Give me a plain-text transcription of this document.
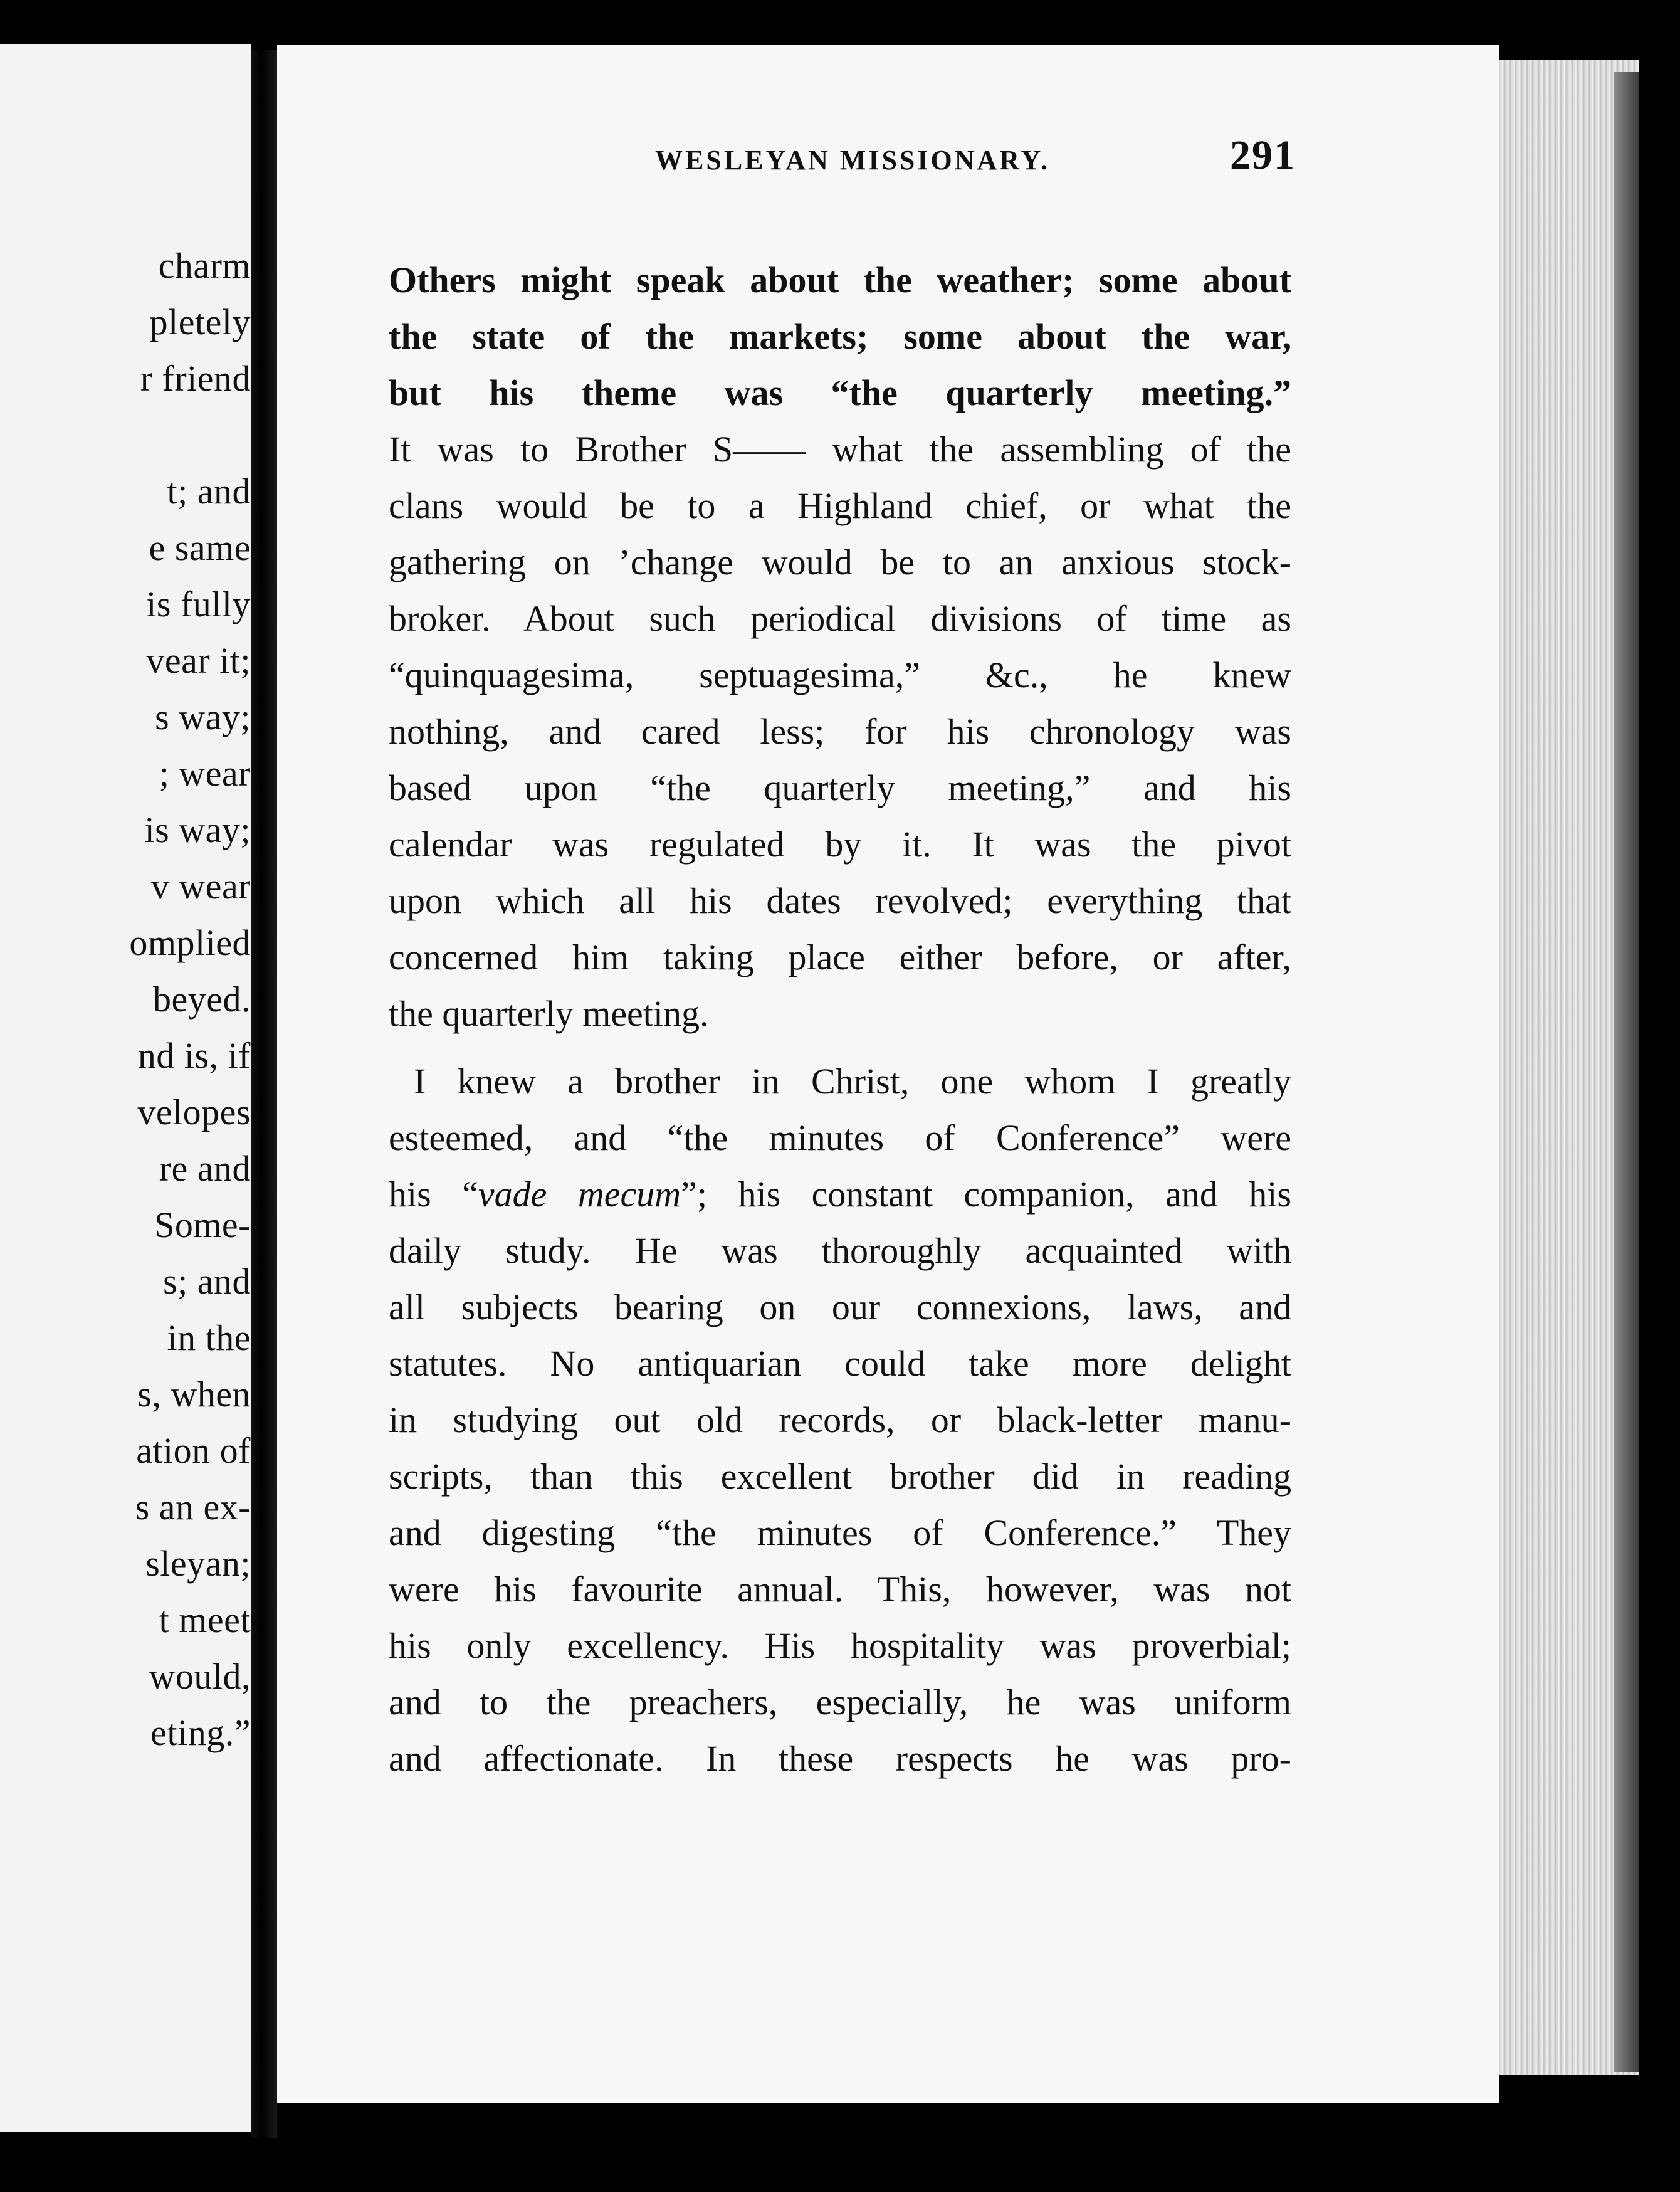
charm
pletely
r friend
t; and
e same
is fully
vear it;
s way;
; wear
is way;
v wear
omplied
beyed.
nd is, if
velopes
re and
Some-
s; and
in the
s, when
ation of
s an ex-
sleyan;
t meet
would,
eting.”
WESLEYAN MISSIONARY.	291
Others might speak about the weather; some about
the state of the markets; some about the war,
but his theme was “the quarterly meeting.”
It was to Brother S—— what the assembling of the
clans would be to a Highland chief, or what the
gathering on ’change would be to an anxious stock-
broker. About such periodical divisions of time as
“quinquagesima, septuagesima,” &c., he knew
nothing, and cared less; for his chronology was
based upon “the quarterly meeting,” and his
calendar was regulated by it. It was the pivot
upon which all his dates revolved; everything that
concerned him taking place either before, or after,
the quarterly meeting.
I knew a brother in Christ, one whom I greatly
esteemed, and “the minutes of Conference” were
his “vade mecum”; his constant companion, and his
daily study. He was thoroughly acquainted with
all subjects bearing on our connexions, laws, and
statutes. No antiquarian could take more delight
in studying out old records, or black-letter manu-
scripts, than this excellent brother did in reading
and digesting “the minutes of Conference.” They
were his favourite annual. This, however, was not
his only excellency. His hospitality was proverbial;
and to the preachers, especially, he was uniform
and affectionate. In these respects he was pro-
